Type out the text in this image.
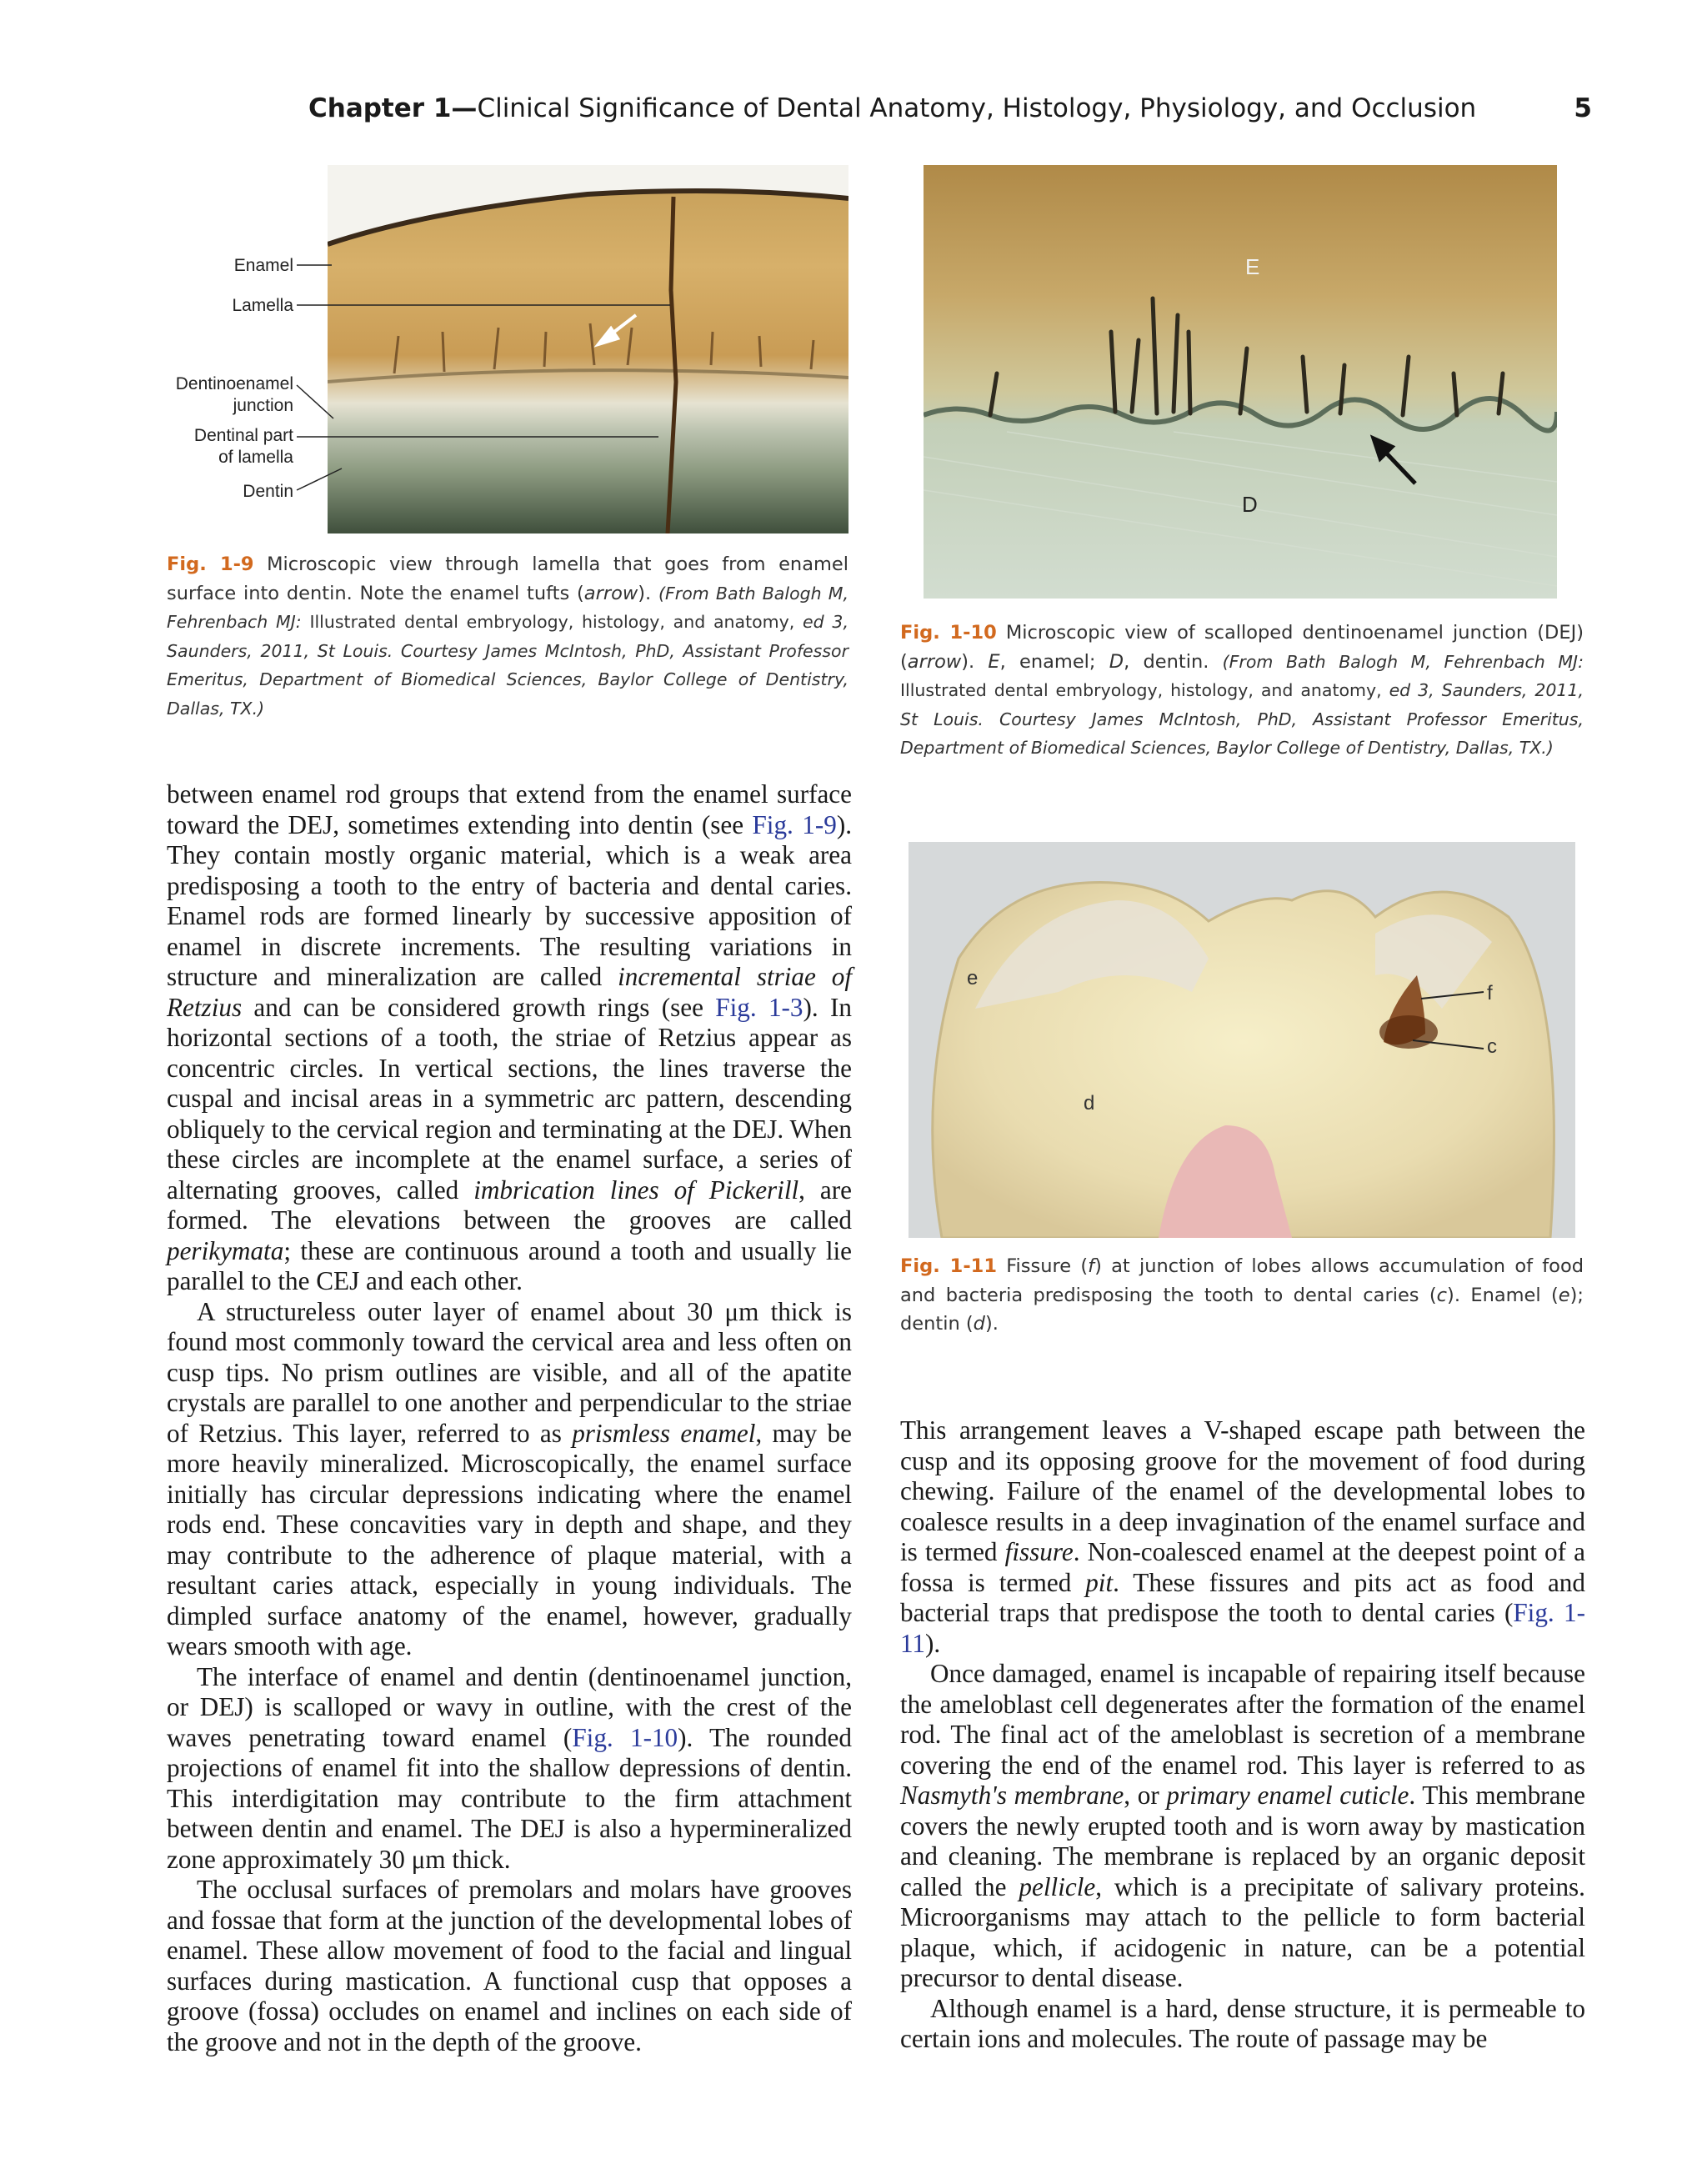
Chapter 1—Clinical Significance of Dental Anatomy, Histology, Physiology, and Occlusion	5
Enamel
Lamella
Dentinoenamel
junction
Dentinal part
of lamella
Dentin
Fig. 1-9 Microscopic view through lamella that goes from enamel surface into dentin. Note the enamel tufts (arrow). (From Bath Balogh M, Fehrenbach MJ: Illustrated dental embryology, histology, and anatomy, ed 3, Saunders, 2011, St Louis. Courtesy James McIntosh, PhD, Assistant Professor Emeritus, Department of Biomedical Sciences, Baylor College of Dentistry, Dallas, TX.)
E
D
Fig. 1-10 Microscopic view of scalloped dentinoenamel junction (DEJ) (arrow). E, enamel; D, dentin. (From Bath Balogh M, Fehrenbach MJ: Illustrated dental embryology, histology, and anatomy, ed 3, Saunders, 2011, St Louis. Courtesy James McIntosh, PhD, Assistant Professor Emeritus, Department of Biomedical Sciences, Baylor College of Dentistry, Dallas, TX.)
e
f
c
d
Fig. 1-11 Fissure (f) at junction of lobes allows accumulation of food and bacteria predisposing the tooth to dental caries (c). Enamel (e); dentin (d).

between enamel rod groups that extend from the enamel surface toward the DEJ, sometimes extending into dentin (see Fig. 1-9). They contain mostly organic material, which is a weak area predisposing a tooth to the entry of bacteria and dental caries. Enamel rods are formed linearly by successive apposition of enamel in discrete increments. The resulting variations in structure and mineralization are called incremental striae of Retzius and can be considered growth rings (see Fig. 1-3). In horizontal sections of a tooth, the striae of Retzius appear as concentric circles. In vertical sections, the lines traverse the cuspal and incisal areas in a symmetric arc pattern, descending obliquely to the cervical region and terminating at the DEJ. When these circles are incomplete at the enamel surface, a series of alternating grooves, called imbrication lines of Pickerill, are formed. The elevations between the grooves are called perikymata; these are continuous around a tooth and usually lie parallel to the CEJ and each other.

A structureless outer layer of enamel about 30 μm thick is found most commonly toward the cervical area and less often on cusp tips. No prism outlines are visible, and all of the apatite crystals are parallel to one another and perpendicular to the striae of Retzius. This layer, referred to as prismless enamel, may be more heavily mineralized. Microscopically, the enamel surface initially has circular depressions indicating where the enamel rods end. These concavities vary in depth and shape, and they may contribute to the adherence of plaque material, with a resultant caries attack, especially in young individuals. The dimpled surface anatomy of the enamel, however, gradually wears smooth with age.

The interface of enamel and dentin (dentinoenamel junction, or DEJ) is scalloped or wavy in outline, with the crest of the waves penetrating toward enamel (Fig. 1-10). The rounded projections of enamel fit into the shallow depressions of dentin. This interdigitation may contribute to the firm attachment between dentin and enamel. The DEJ is also a hypermineralized zone approximately 30 μm thick.

The occlusal surfaces of premolars and molars have grooves and fossae that form at the junction of the developmental lobes of enamel. These allow movement of food to the facial and lingual surfaces during mastication. A functional cusp that opposes a groove (fossa) occludes on enamel and inclines on each side of the groove and not in the depth of the groove.

This arrangement leaves a V-shaped escape path between the cusp and its opposing groove for the movement of food during chewing. Failure of the enamel of the developmental lobes to coalesce results in a deep invagination of the enamel surface and is termed fissure. Non-coalesced enamel at the deepest point of a fossa is termed pit. These fissures and pits act as food and bacterial traps that predispose the tooth to dental caries (Fig. 1-11).

Once damaged, enamel is incapable of repairing itself because the ameloblast cell degenerates after the formation of the enamel rod. The final act of the ameloblast is secretion of a membrane covering the end of the enamel rod. This layer is referred to as Nasmyth's membrane, or primary enamel cuticle. This membrane covers the newly erupted tooth and is worn away by mastication and cleaning. The membrane is replaced by an organic deposit called the pellicle, which is a precipitate of salivary proteins. Microorganisms may attach to the pellicle to form bacterial plaque, which, if acidogenic in nature, can be a potential precursor to dental disease.

Although enamel is a hard, dense structure, it is permeable to certain ions and molecules. The route of passage may be
